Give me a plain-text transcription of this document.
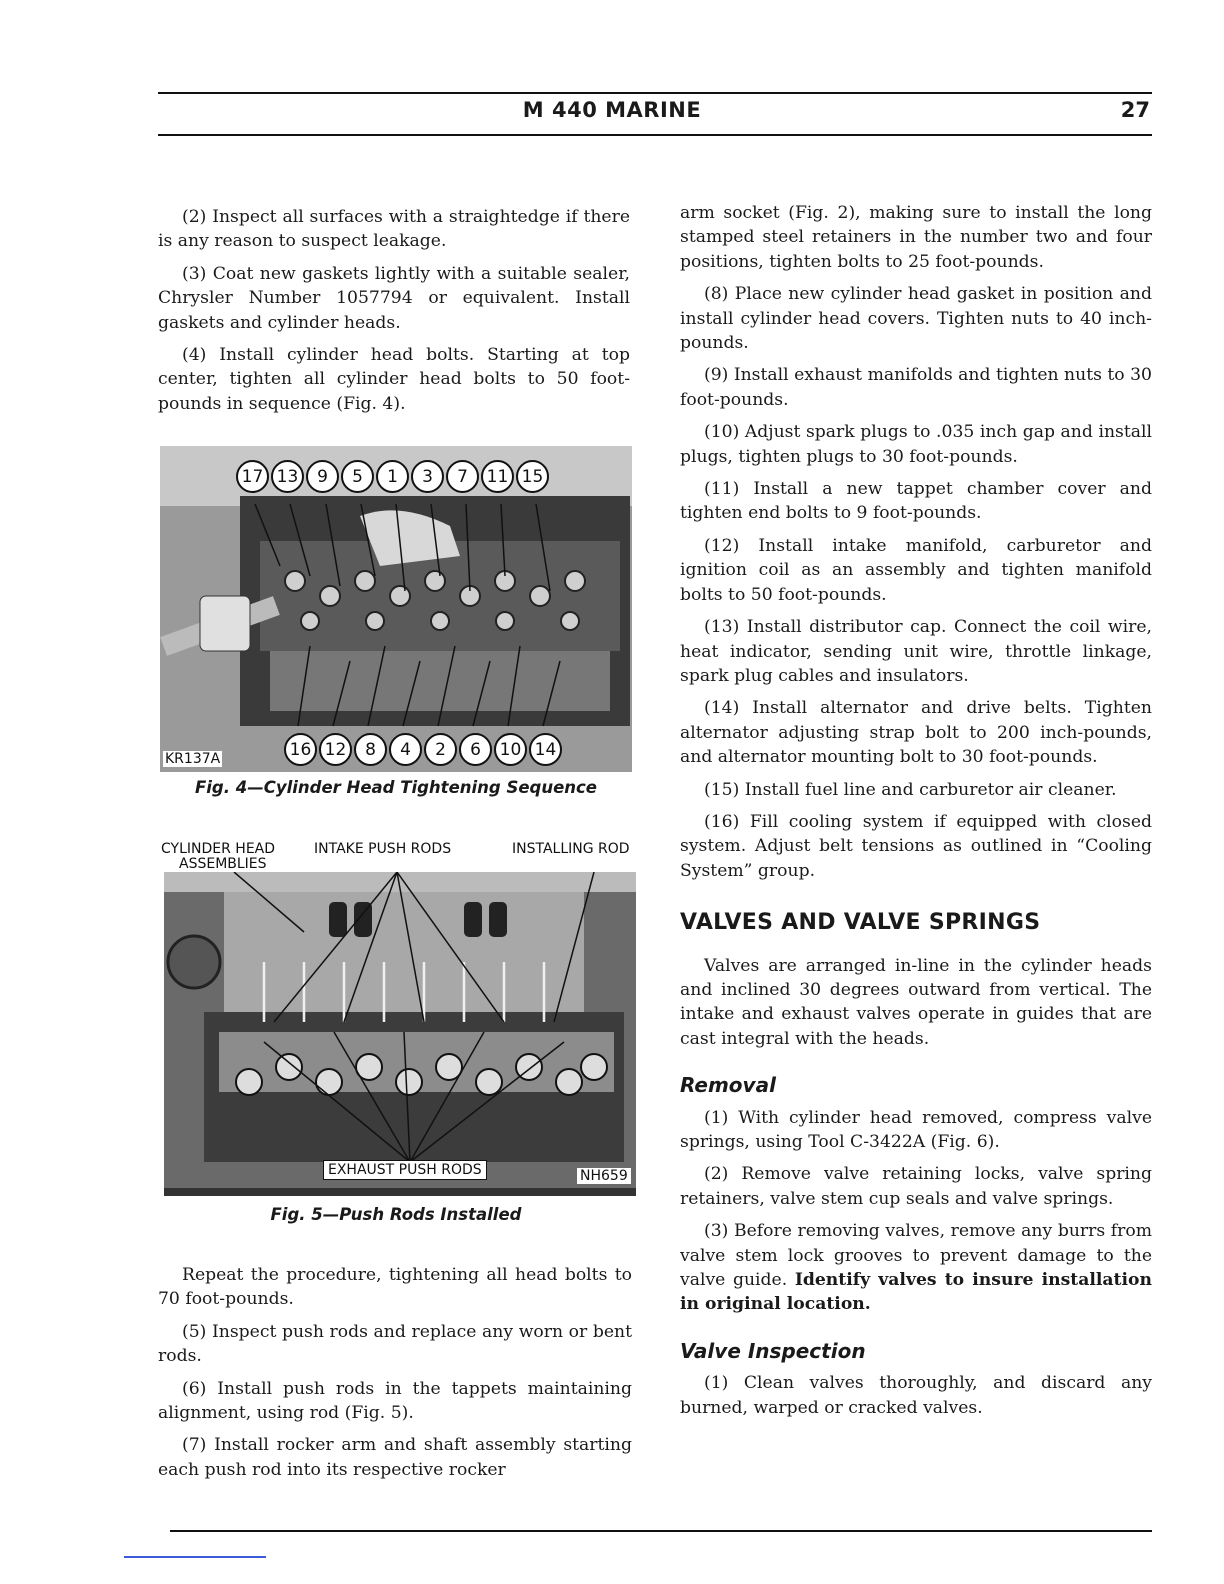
M 440 MARINE	27

(2) Inspect all surfaces with a straightedge if there is any reason to suspect leakage.

(3) Coat new gaskets lightly with a suitable sealer, Chrysler Number 1057794 or equivalent. Install gaskets and cylinder heads.

(4) Install cylinder head bolts. Starting at top center, tighten all cylinder head bolts to 50 foot-pounds in sequence (Fig. 4).

17 13	9	5	1	3	7	11 15
16 12	8	4	2	6	10 14
KR137A
Fig. 4—Cylinder Head Tightening Sequence
CYLINDER HEAD
ASSEMBLIES
INTAKE PUSH RODS	INSTALLING ROD
EXHAUST PUSH RODS	NH659
Fig. 5—Push Rods Installed

Repeat the procedure, tightening all head bolts to 70 foot-pounds.

(5) Inspect push rods and replace any worn or bent rods.

(6) Install push rods in the tappets maintaining alignment, using rod (Fig. 5).

(7) Install rocker arm and shaft assembly starting each push rod into its respective rocker

arm socket (Fig. 2), making sure to install the long stamped steel retainers in the number two and four positions, tighten bolts to 25 foot-pounds.

(8) Place new cylinder head gasket in position and install cylinder head covers. Tighten nuts to 40 inch-pounds.

(9) Install exhaust manifolds and tighten nuts to 30 foot-pounds.

(10) Adjust spark plugs to .035 inch gap and install plugs, tighten plugs to 30 foot-pounds.

(11) Install a new tappet chamber cover and tighten end bolts to 9 foot-pounds.

(12) Install intake manifold, carburetor and ignition coil as an assembly and tighten manifold bolts to 50 foot-pounds.

(13) Install distributor cap. Connect the coil wire, heat indicator, sending unit wire, throttle linkage, spark plug cables and insulators.

(14) Install alternator and drive belts. Tighten alternator adjusting strap bolt to 200 inch-pounds, and alternator mounting bolt to 30 foot-pounds.

(15) Install fuel line and carburetor air cleaner.

(16) Fill cooling system if equipped with closed system. Adjust belt tensions as outlined in “Cooling System” group.

VALVES AND VALVE SPRINGS

Valves are arranged in-line in the cylinder heads and inclined 30 degrees outward from vertical. The intake and exhaust valves operate in guides that are cast integral with the heads.

Removal

(1) With cylinder head removed, compress valve springs, using Tool C-3422A (Fig. 6).

(2) Remove valve retaining locks, valve spring retainers, valve stem cup seals and valve springs.

(3) Before removing valves, remove any burrs from valve stem lock grooves to prevent damage to the valve guide. Identify valves to insure installation in original location.

Valve Inspection

(1) Clean valves thoroughly, and discard any burned, warped or cracked valves.
